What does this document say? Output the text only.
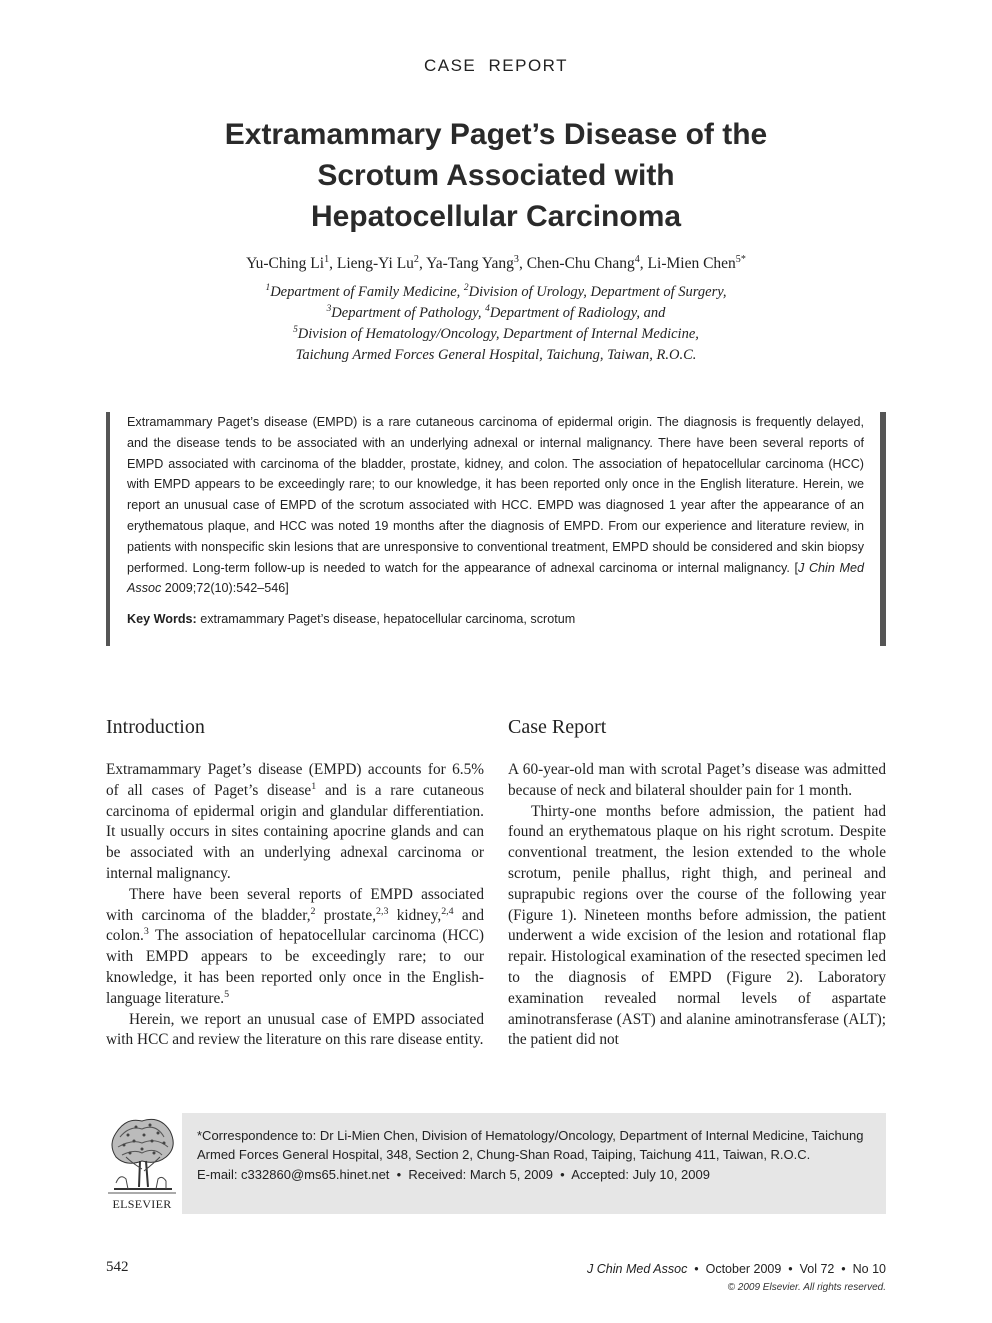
CASE REPORT
Extramammary Paget’s Disease of the
Scrotum Associated with
Hepatocellular Carcinoma
Yu-Ching Li$^1$, Lieng-Yi Lu$^2$, Ya-Tang Yang$^3$, Chen-Chu Chang$^4$, Li-Mien Chen$^{5*}$
$^1$Department of Family Medicine, $^2$Division of Urology, Department of Surgery,
$^3$Department of Pathology, $^4$Department of Radiology, and
$^5$Division of Hematology/Oncology, Department of Internal Medicine,
Taichung Armed Forces General Hospital, Taichung, Taiwan, R.O.C.

Extramammary Paget’s disease (EMPD) is a rare cutaneous carcinoma of epidermal origin. The diagnosis is frequently delayed, and the disease tends to be associated with an underlying adnexal or internal malignancy. There have been several reports of EMPD associated with carcinoma of the bladder, prostate, kidney, and colon. The association of hepatocellular carcinoma (HCC) with EMPD appears to be exceedingly rare; to our knowledge, it has been reported only once in the English literature. Herein, we report an unusual case of EMPD of the scrotum associated with HCC. EMPD was diagnosed 1 year after the appearance of an erythematous plaque, and HCC was noted 19 months after the diagnosis of EMPD. From our experience and literature review, in patients with nonspecific skin lesions that are unresponsive to conventional treatment, EMPD should be considered and skin biopsy performed. Long-term follow-up is needed to watch for the appearance of adnexal carcinoma or internal malignancy. [J Chin Med Assoc 2009;72(10):542–546]

Key Words: extramammary Paget’s disease, hepatocellular carcinoma, scrotum
Introduction

Extramammary Paget’s disease (EMPD) accounts for 6.5% of all cases of Paget’s disease$^1$ and is a rare cutaneous carcinoma of epidermal origin and glandular differentiation. It usually occurs in sites containing apocrine glands and can be associated with an underlying adnexal carcinoma or internal malignancy.

There have been several reports of EMPD associated with carcinoma of the bladder,$^2$ prostate,$^{2,3}$ kidney,$^{2,4}$ and colon.$^3$ The association of hepatocellular carcinoma (HCC) with EMPD appears to be exceedingly rare; to our knowledge, it has been reported only once in the English-language literature.$^5$

Herein, we report an unusual case of EMPD associated with HCC and review the literature on this rare disease entity.

Case Report

A 60-year-old man with scrotal Paget’s disease was admitted because of neck and bilateral shoulder pain for 1 month.

Thirty-one months before admission, the patient had found an erythematous plaque on his right scrotum. Despite conventional treatment, the lesion extended to the whole scrotum, penile phallus, right thigh, and perineal and suprapubic regions over the course of the following year (Figure 1). Nineteen months before admission, the patient underwent a wide excision of the lesion and rotational flap repair. Histological examination of the resected specimen led to the diagnosis of EMPD (Figure 2). Laboratory examination revealed normal levels of aspartate aminotransferase (AST) and alanine aminotransferase (ALT); the patient did not

ELSEVIER
*Correspondence to: Dr Li-Mien Chen, Division of Hematology/Oncology, Department of Internal Medicine, Taichung Armed Forces General Hospital, 348, Section 2, Chung-Shan Road, Taiping, Taichung 411, Taiwan, R.O.C.
E-mail: c332860@ms65.hinet.net  •  Received: March 5, 2009  •  Accepted: July 10, 2009
542	J Chin Med Assoc  •  October 2009  •  Vol 72  •  No 10
© 2009 Elsevier. All rights reserved.
